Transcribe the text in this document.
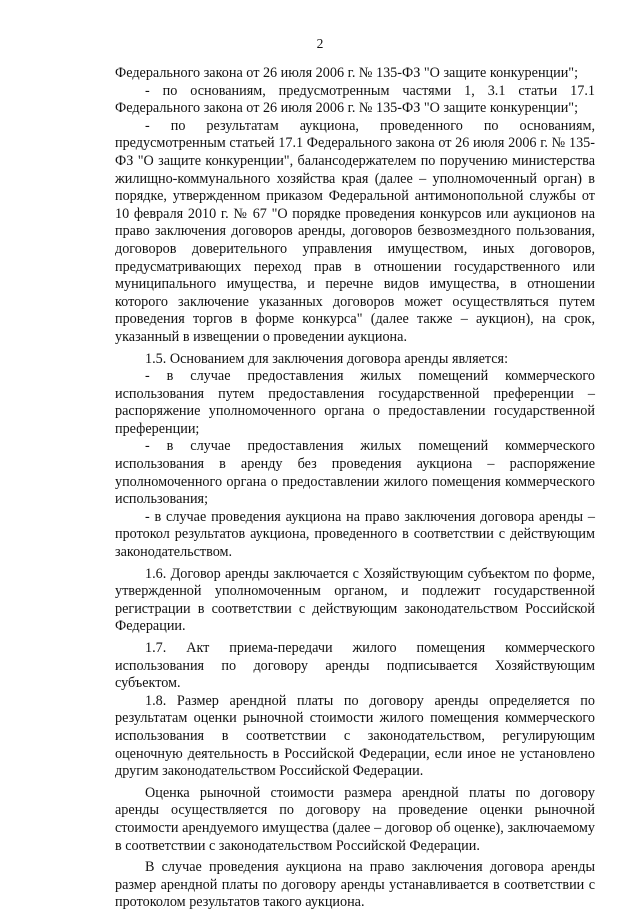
2

Федерального закона от 26 июля 2006 г. № 135-ФЗ "О защите конкуренции";

- по основаниям, предусмотренным частями 1, 3.1 статьи 17.1 Федерального закона от 26 июля 2006 г. № 135-ФЗ "О защите конкуренции";

- по результатам аукциона, проведенного по основаниям, предусмотренным статьей 17.1 Федерального закона от 26 июля 2006 г. № 135-ФЗ "О защите конкуренции", балансодержателем по поручению министерства жилищно-коммунального хозяйства края (далее – уполномоченный орган) в порядке, утвержденном приказом Федеральной антимонопольной службы от 10 февраля 2010 г. № 67 "О порядке проведения конкурсов или аукционов на право заключения договоров аренды, договоров безвозмездного пользования, договоров доверительного управления имуществом, иных договоров, предусматривающих переход прав в отношении государственного или муниципального имущества, и перечне видов имущества, в отношении которого заключение указанных договоров может осуществляться путем проведения торгов в форме конкурса" (далее также – аукцион), на срок, указанный в извещении о проведении аукциона.

1.5. Основанием для заключения договора аренды является:

- в случае предоставления жилых помещений коммерческого использования путем предоставления государственной преференции – распоряжение уполномоченного органа о предоставлении государственной преференции;

- в случае предоставления жилых помещений коммерческого использования в аренду без проведения аукциона – распоряжение уполномоченного органа о предоставлении жилого помещения коммерческого использования;

- в случае проведения аукциона на право заключения договора аренды – протокол результатов аукциона, проведенного в соответствии с действующим законодательством.

1.6. Договор аренды заключается с Хозяйствующим субъектом по форме, утвержденной уполномоченным органом, и подлежит государственной регистрации в соответствии с действующим законодательством Российской Федерации.

1.7. Акт приема-передачи жилого помещения коммерческого использования по договору аренды подписывается Хозяйствующим субъектом.

1.8. Размер арендной платы по договору аренды определяется по результатам оценки рыночной стоимости жилого помещения коммерческого использования в соответствии с законодательством, регулирующим оценочную деятельность в Российской Федерации, если иное не установлено другим законодательством Российской Федерации.

Оценка рыночной стоимости размера арендной платы по договору аренды осуществляется по договору на проведение оценки рыночной стоимости арендуемого имущества (далее – договор об оценке), заключаемому в соответствии с законодательством Российской Федерации.

В случае проведения аукциона на право заключения договора аренды размер арендной платы по договору аренды устанавливается в соответствии с протоколом результатов такого аукциона.
